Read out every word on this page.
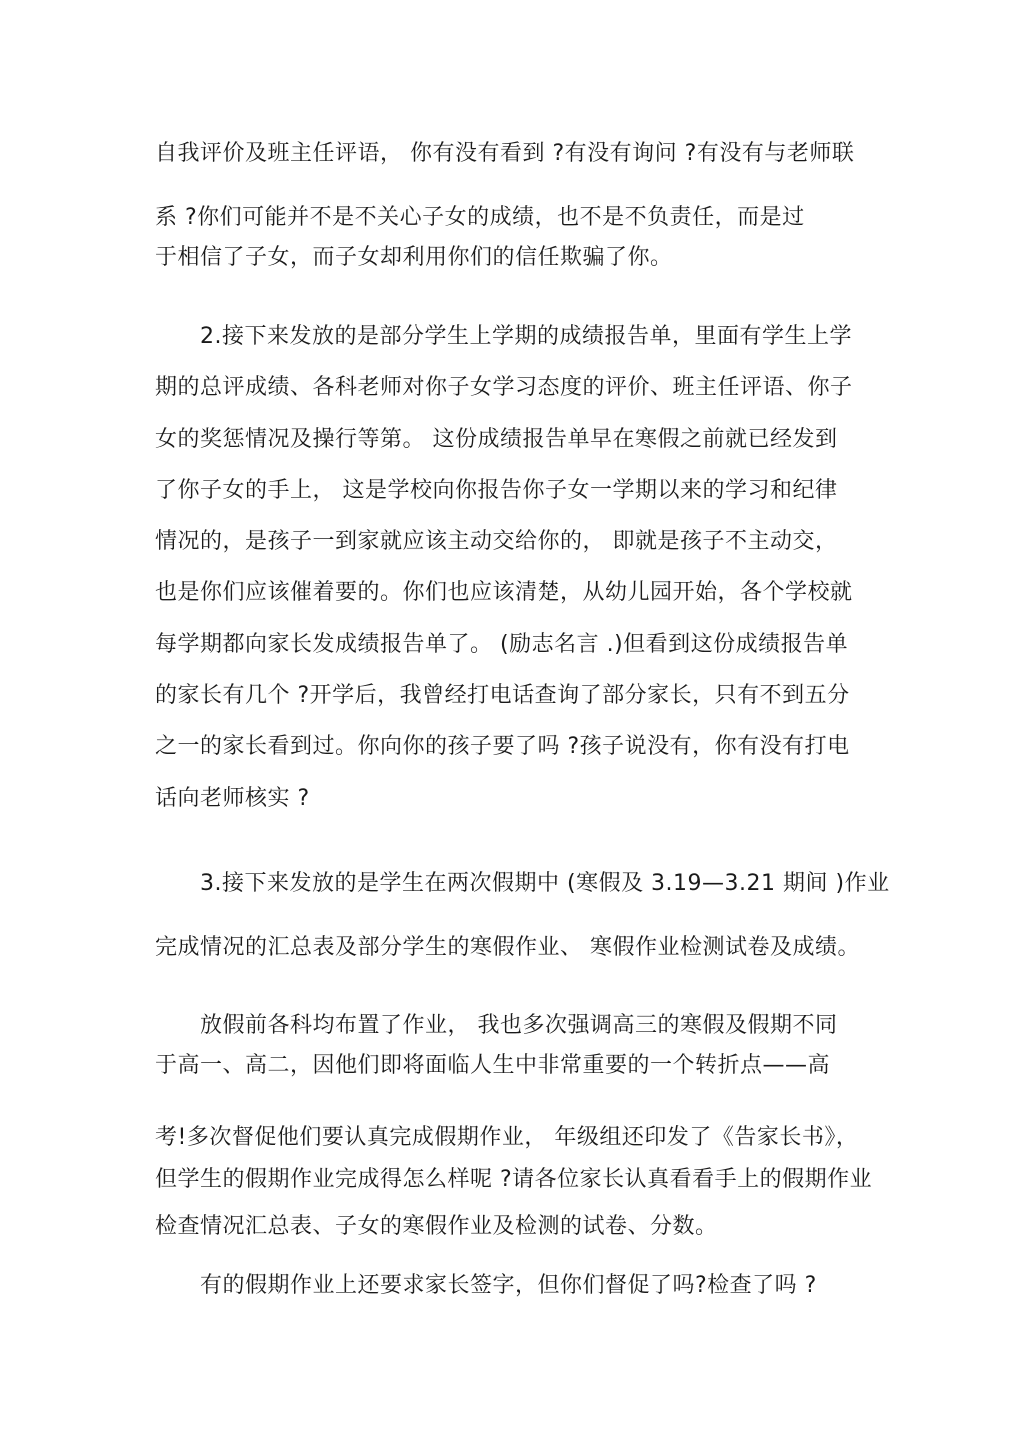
自我评价及班主任评语， 你有没有看到 ?有没有询问 ?有没有与老师联
系 ?你们可能并不是不关心子女的成绩，也不是不负责任，而是过
于相信了子女，而子女却利用你们的信任欺骗了你。
2.接下来发放的是部分学生上学期的成绩报告单，里面有学生上学
期的总评成绩、各科老师对你子女学习态度的评价、班主任评语、你子
女的奖惩情况及操行等第。 这份成绩报告单早在寒假之前就已经发到
了你子女的手上， 这是学校向你报告你子女一学期以来的学习和纪律
情况的，是孩子一到家就应该主动交给你的， 即就是孩子不主动交，
也是你们应该催着要的。你们也应该清楚，从幼儿园开始，各个学校就
每学期都向家长发成绩报告单了。 (励志名言 .)但看到这份成绩报告单
的家长有几个 ?开学后，我曾经打电话查询了部分家长，只有不到五分
之一的家长看到过。你向你的孩子要了吗 ?孩子说没有，你有没有打电
话向老师核实 ?
3.接下来发放的是学生在两次假期中 (寒假及 3.19—3.21 期间 )作业
完成情况的汇总表及部分学生的寒假作业、 寒假作业检测试卷及成绩。
放假前各科均布置了作业， 我也多次强调高三的寒假及假期不同
于高一、高二，因他们即将面临人生中非常重要的一个转折点——高
考!多次督促他们要认真完成假期作业， 年级组还印发了《告家长书》，
但学生的假期作业完成得怎么样呢 ?请各位家长认真看看手上的假期作业
检查情况汇总表、子女的寒假作业及检测的试卷、分数。
有的假期作业上还要求家长签字，但你们督促了吗?检查了吗 ?
